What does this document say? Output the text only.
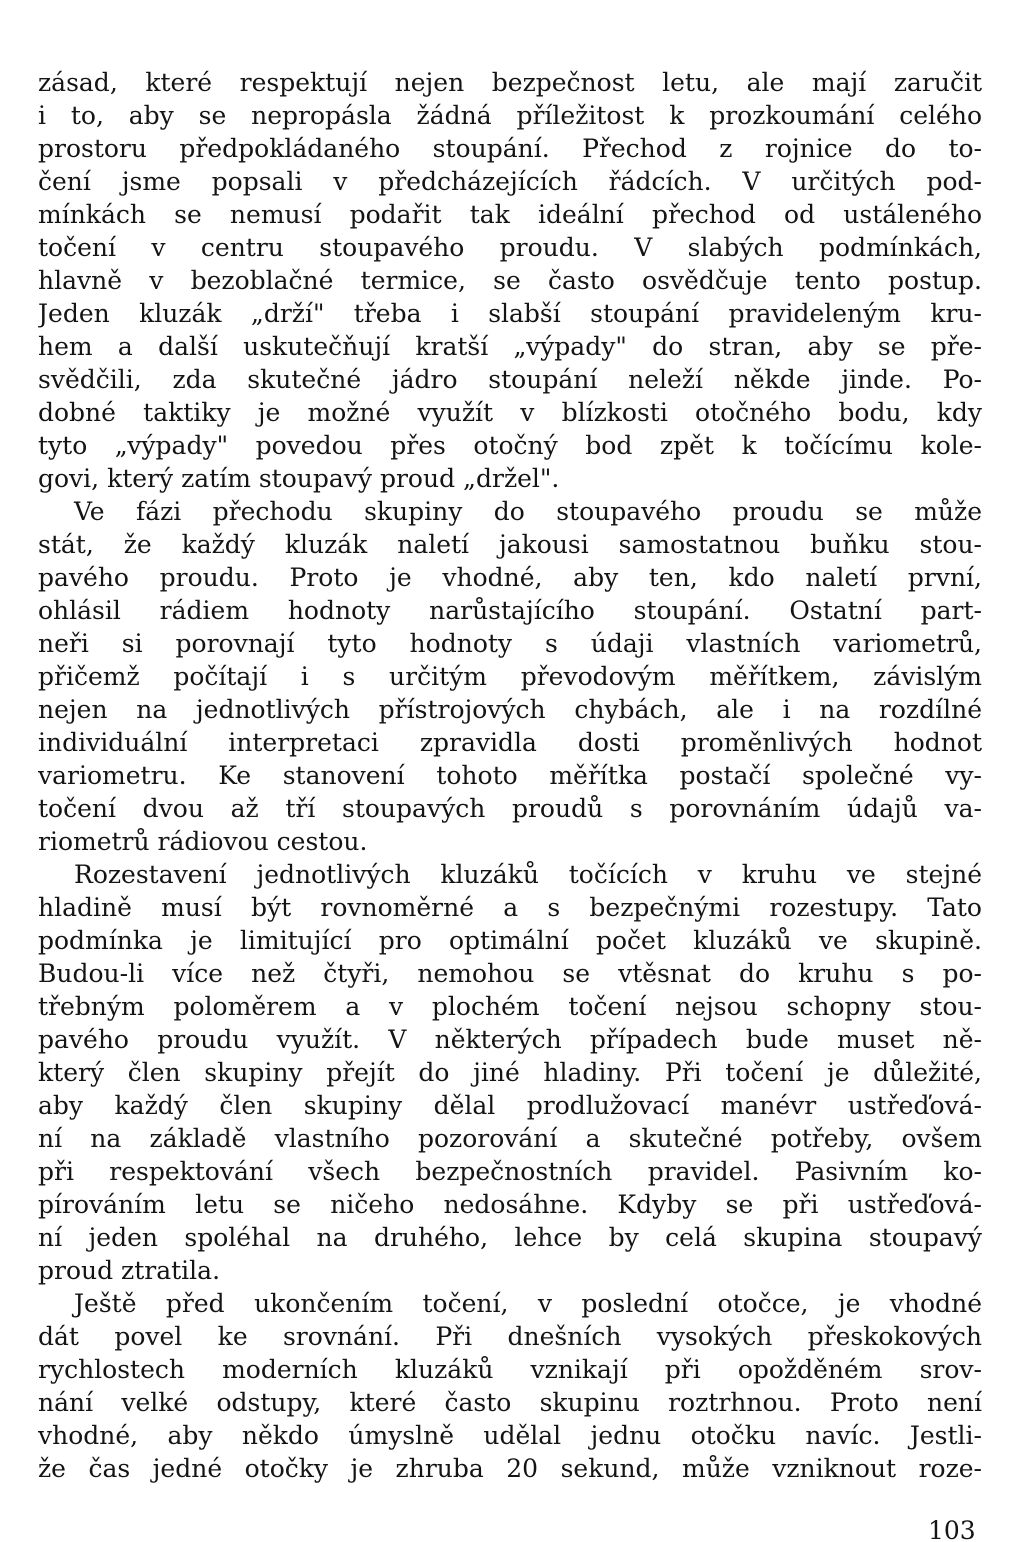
zásad, které respektují nejen bezpečnost letu, ale mají zaručit
i to, aby se nepropásla žádná příležitost k prozkoumání celého
prostoru předpokládaného stoupání. Přechod z rojnice do to-
čení jsme popsali v předcházejících řádcích. V určitých pod-
mínkách se nemusí podařit tak ideální přechod od ustáleného
točení v centru stoupavého proudu. V slabých podmínkách,
hlavně v bezoblačné termice, se často osvědčuje tento postup.
Jeden kluzák „drží" třeba i slabší stoupání pravideleným kru-
hem a další uskutečňují kratší „výpady" do stran, aby se pře-
svědčili, zda skutečné jádro stoupání neleží někde jinde. Po-
dobné taktiky je možné využít v blízkosti otočného bodu, kdy
tyto „výpady" povedou přes otočný bod zpět k točícímu kole-
govi, který zatím stoupavý proud „držel".
Ve fázi přechodu skupiny do stoupavého proudu se může
stát, že každý kluzák naletí jakousi samostatnou buňku stou-
pavého proudu. Proto je vhodné, aby ten, kdo naletí první,
ohlásil rádiem hodnoty narůstajícího stoupání. Ostatní part-
neři si porovnají tyto hodnoty s údaji vlastních variometrů,
přičemž počítají i s určitým převodovým měřítkem, závislým
nejen na jednotlivých přístrojových chybách, ale i na rozdílné
individuální interpretaci zpravidla dosti proměnlivých hodnot
variometru. Ke stanovení tohoto měřítka postačí společné vy-
točení dvou až tří stoupavých proudů s porovnáním údajů va-
riometrů rádiovou cestou.
Rozestavení jednotlivých kluzáků točících v kruhu ve stejné
hladině musí být rovnoměrné a s bezpečnými rozestupy. Tato
podmínka je limitující pro optimální počet kluzáků ve skupině.
Budou-li více než čtyři, nemohou se vtěsnat do kruhu s po-
třebným poloměrem a v plochém točení nejsou schopny stou-
pavého proudu využít. V některých případech bude muset ně-
který člen skupiny přejít do jiné hladiny. Při točení je důležité,
aby každý člen skupiny dělal prodlužovací manévr ustřeďová-
ní na základě vlastního pozorování a skutečné potřeby, ovšem
při respektování všech bezpečnostních pravidel. Pasivním ko-
pírováním letu se ničeho nedosáhne. Kdyby se při ustřeďová-
ní jeden spoléhal na druhého, lehce by celá skupina stoupavý
proud ztratila.
Ještě před ukončením točení, v poslední otočce, je vhodné
dát povel ke srovnání. Při dnešních vysokých přeskokových
rychlostech moderních kluzáků vznikají při opožděném srov-
nání velké odstupy, které často skupinu roztrhnou. Proto není
vhodné, aby někdo úmyslně udělal jednu otočku navíc. Jestli-
že čas jedné otočky je zhruba 20 sekund, může vzniknout roze-
103
